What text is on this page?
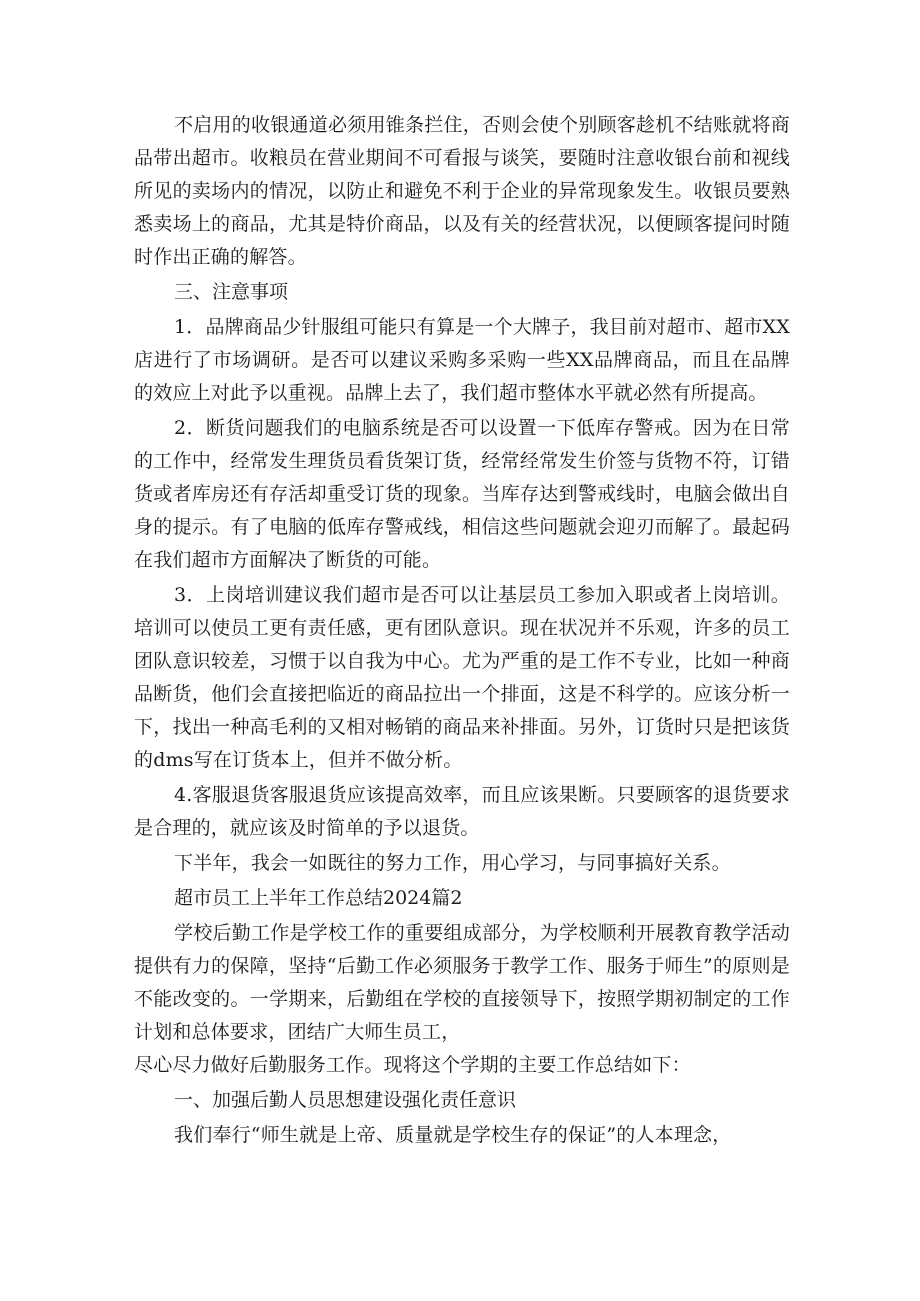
不启用的收银通道必须用锥条拦住，否则会使个别顾客趁机不结账就将商品带出超市。收粮员在营业期间不可看报与谈笑，要随时注意收银台前和视线所见的卖场内的情况，以防止和避免不利于企业的异常现象发生。收银员要熟悉卖场上的商品，尤其是特价商品，以及有关的经营状况，以便顾客提问时随时作出正确的解答。

三、注意事项

1．品牌商品少针服组可能只有算是一个大牌子，我目前对超市、超市XX店进行了市场调研。是否可以建议采购多采购一些XX品牌商品，而且在品牌的效应上对此予以重视。品牌上去了，我们超市整体水平就必然有所提高。

2．断货问题我们的电脑系统是否可以设置一下低库存警戒。因为在日常的工作中，经常发生理货员看货架订货，经常经常发生价签与货物不符，订错货或者库房还有存活却重受订货的现象。当库存达到警戒线时，电脑会做出自身的提示。有了电脑的低库存警戒线，相信这些问题就会迎刃而解了。最起码在我们超市方面解决了断货的可能。

3．上岗培训建议我们超市是否可以让基层员工参加入职或者上岗培训。培训可以使员工更有责任感，更有团队意识。现在状况并不乐观，许多的员工团队意识较差，习惯于以自我为中心。尤为严重的是工作不专业，比如一种商品断货，他们会直接把临近的商品拉出一个排面，这是不科学的。应该分析一下，找出一种高毛利的又相对畅销的商品来补排面。另外，订货时只是把该货的dms写在订货本上，但并不做分析。

4.客服退货客服退货应该提高效率，而且应该果断。只要顾客的退货要求是合理的，就应该及时简单的予以退货。

下半年，我会一如既往的努力工作，用心学习，与同事搞好关系。

超市员工上半年工作总结2024篇2

学校后勤工作是学校工作的重要组成部分，为学校顺利开展教育教学活动提供有力的保障，坚持“后勤工作必须服务于教学工作、服务于师生”的原则是不能改变的。一学期来，后勤组在学校的直接领导下，按照学期初制定的工作计划和总体要求，团结广大师生员工，

尽心尽力做好后勤服务工作。现将这个学期的主要工作总结如下：

一、加强后勤人员思想建设强化责任意识

我们奉行“师生就是上帝、质量就是学校生存的保证”的人本理念，
